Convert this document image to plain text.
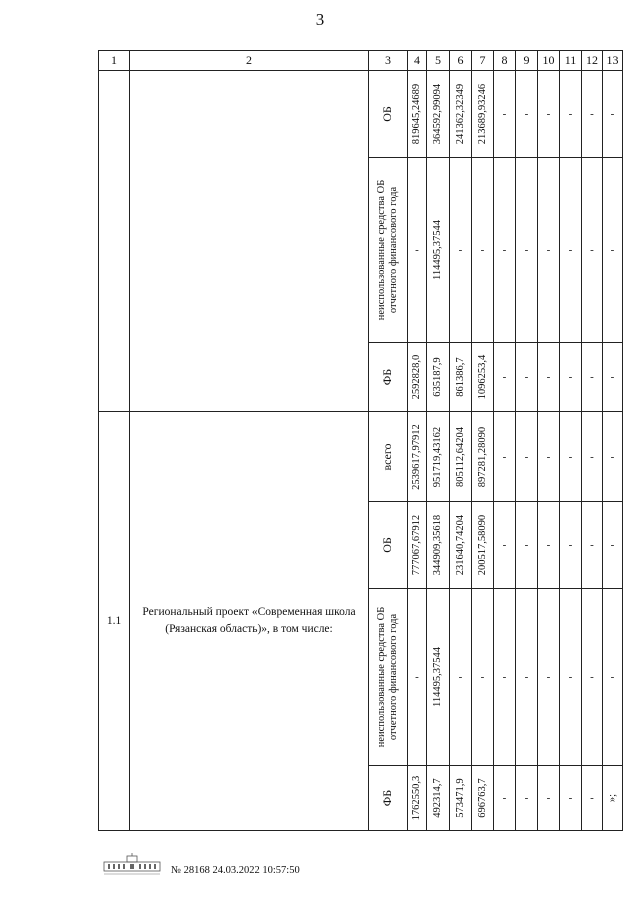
3
1	2	3	4	5	6	7	8	9	10	11	12	13

		ОБ	819645,24689	364592,99094	241362,32349	213689,93246	-	-	-	-	-	-

		неиспользованные средства ОБ отчетного финансового года	-	114495,37544	-	-	-	-	-	-	-	-

		ФБ	2592828,0	635187,9	861386,7	1096253,4	-	-	-	-	-	-
1.1	Региональный проект «Современная школа (Рязанская область)», в том числе:	всего	2539617,97912	951719,43162	805112,64204	897281,28090	-	-	-	-	-	-

		ОБ	777067,67912	344909,35618	231640,74204	200517,58090	-	-	-	-	-	-

		неиспользованные средства ОБ отчетного финансового года	-	114495,37544	-	-	-	-	-	-	-	-

		ФБ	1762550,3	492314,7	573471,9	696763,7	-	-	-	-	-	»;
№ 28168 24.03.2022 10:57:50
